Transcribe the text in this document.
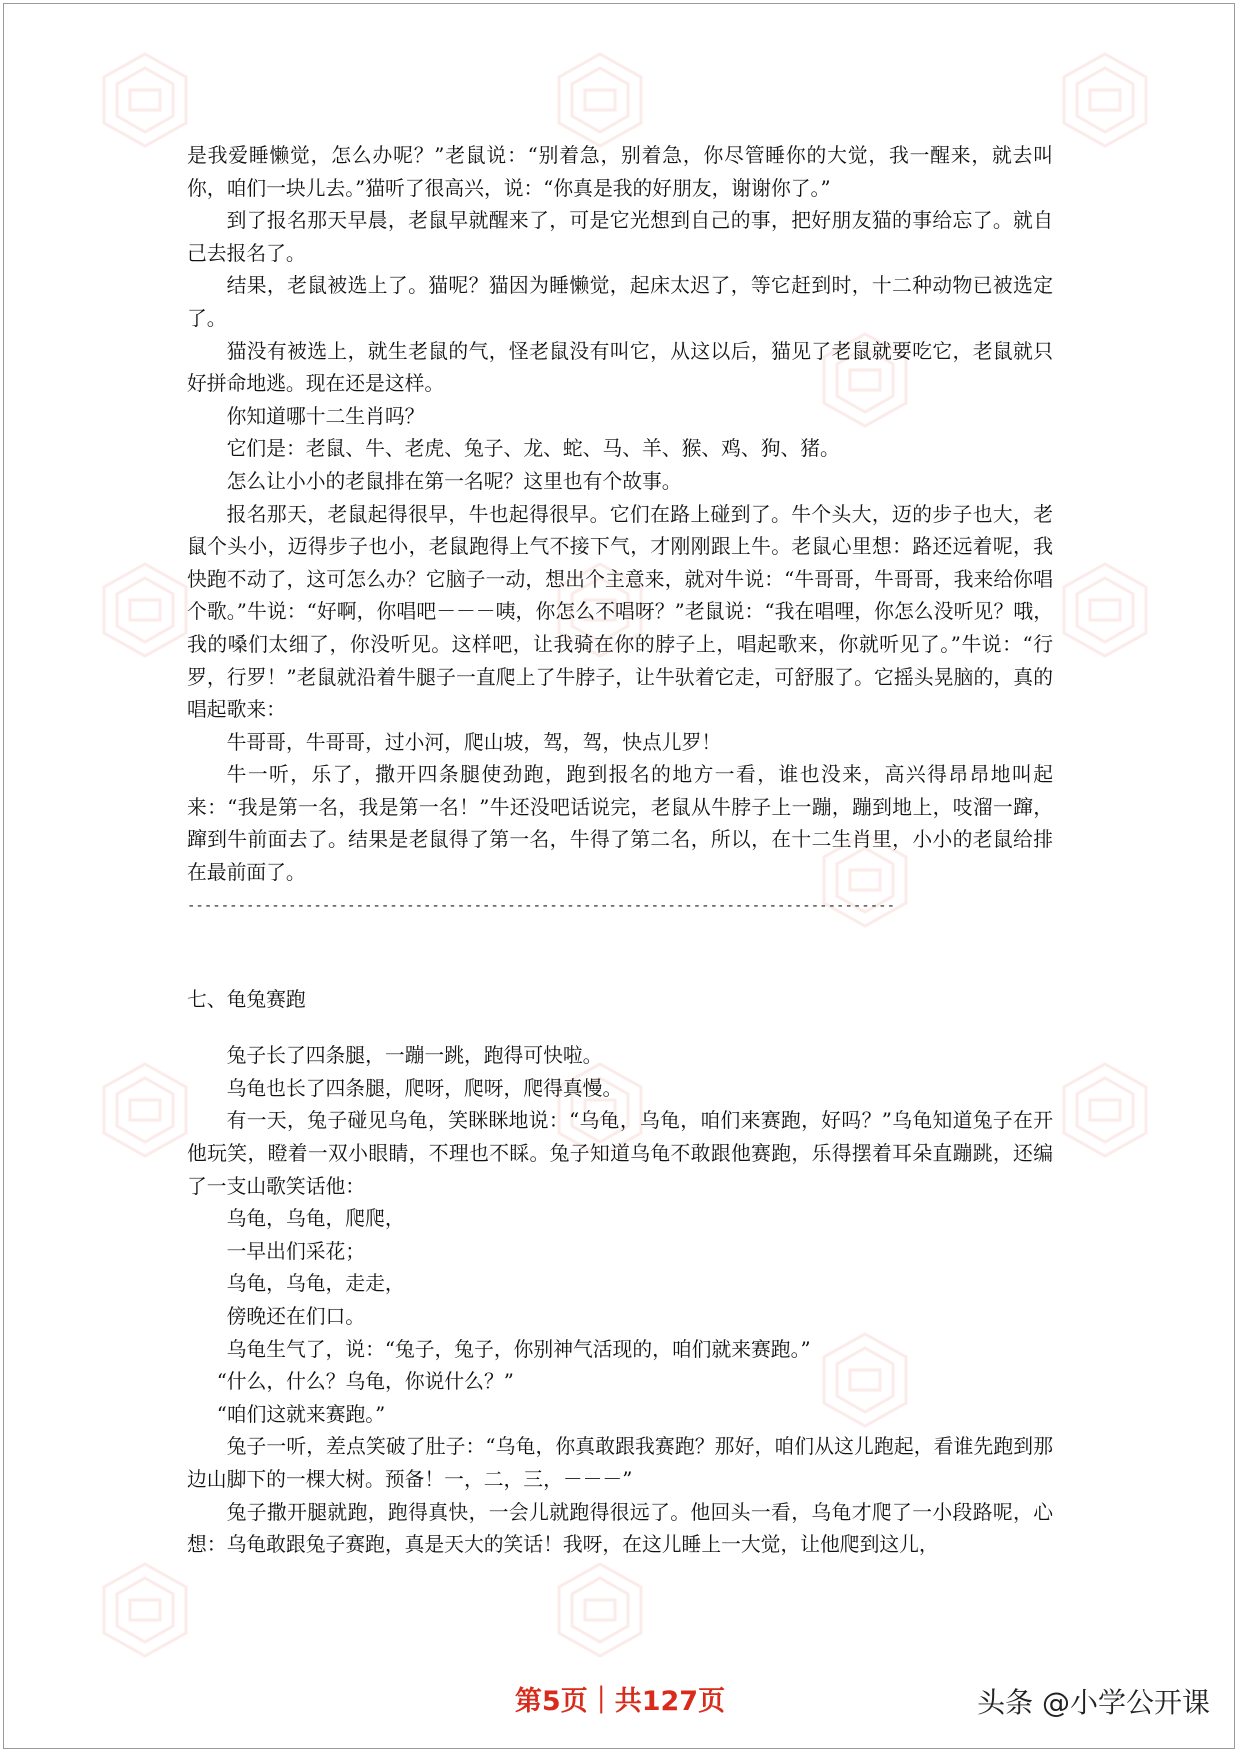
是我爱睡懒觉，怎么办呢？”老鼠说：“别着急，别着急，你尽管睡你的大觉，我一醒来，就去叫你，咱们一块儿去。”猫听了很高兴，说：“你真是我的好朋友，谢谢你了。”

到了报名那天早晨，老鼠早就醒来了，可是它光想到自己的事，把好朋友猫的事给忘了。就自己去报名了。

结果，老鼠被选上了。猫呢？猫因为睡懒觉，起床太迟了，等它赶到时，十二种动物已被选定了。

猫没有被选上，就生老鼠的气，怪老鼠没有叫它，从这以后，猫见了老鼠就要吃它，老鼠就只好拼命地逃。现在还是这样。

你知道哪十二生肖吗？

它们是：老鼠、牛、老虎、兔子、龙、蛇、马、羊、猴、鸡、狗、猪。

怎么让小小的老鼠排在第一名呢？这里也有个故事。

报名那天，老鼠起得很早，牛也起得很早。它们在路上碰到了。牛个头大，迈的步子也大，老鼠个头小，迈得步子也小，老鼠跑得上气不接下气，才刚刚跟上牛。老鼠心里想：路还远着呢，我快跑不动了，这可怎么办？它脑子一动，想出个主意来，就对牛说：“牛哥哥，牛哥哥，我来给你唱个歌。”牛说：“好啊，你唱吧－－－咦，你怎么不唱呀？”老鼠说：“我在唱哩，你怎么没听见？哦，我的嗓们太细了，你没听见。这样吧，让我骑在你的脖子上，唱起歌来，你就听见了。”牛说：“行罗，行罗！”老鼠就沿着牛腿子一直爬上了牛脖子，让牛驮着它走，可舒服了。它摇头晃脑的，真的唱起歌来：

牛哥哥，牛哥哥，过小河，爬山坡，驾，驾，快点儿罗！

牛一听，乐了，撒开四条腿使劲跑，跑到报名的地方一看，谁也没来，高兴得昂昂地叫起来：“我是第一名，我是第一名！”牛还没吧话说完，老鼠从牛脖子上一蹦，蹦到地上，吱溜一蹿，蹿到牛前面去了。结果是老鼠得了第一名，牛得了第二名，所以，在十二生肖里，小小的老鼠给排在最前面了。

------------------------------------------------------------------------------------

七、龟兔赛跑

兔子长了四条腿，一蹦一跳，跑得可快啦。

乌龟也长了四条腿，爬呀，爬呀，爬得真慢。

有一天，兔子碰见乌龟，笑眯眯地说：“乌龟，乌龟，咱们来赛跑，好吗？”乌龟知道兔子在开他玩笑，瞪着一双小眼睛，不理也不睬。兔子知道乌龟不敢跟他赛跑，乐得摆着耳朵直蹦跳，还编了一支山歌笑话他：

乌龟，乌龟，爬爬，

一早出们采花；

乌龟，乌龟，走走，

傍晚还在们口。

乌龟生气了，说：“兔子，兔子，你别神气活现的，咱们就来赛跑。”

“什么，什么？乌龟，你说什么？”

“咱们这就来赛跑。”

兔子一听，差点笑破了肚子：“乌龟，你真敢跟我赛跑？那好，咱们从这儿跑起，看谁先跑到那边山脚下的一棵大树。预备！一，二，三，－－－”

兔子撒开腿就跑，跑得真快，一会儿就跑得很远了。他回头一看，乌龟才爬了一小段路呢，心想：乌龟敢跟兔子赛跑，真是天大的笑话！我呀，在这儿睡上一大觉，让他爬到这儿，

第5页｜共127页	头条 @小学公开课
